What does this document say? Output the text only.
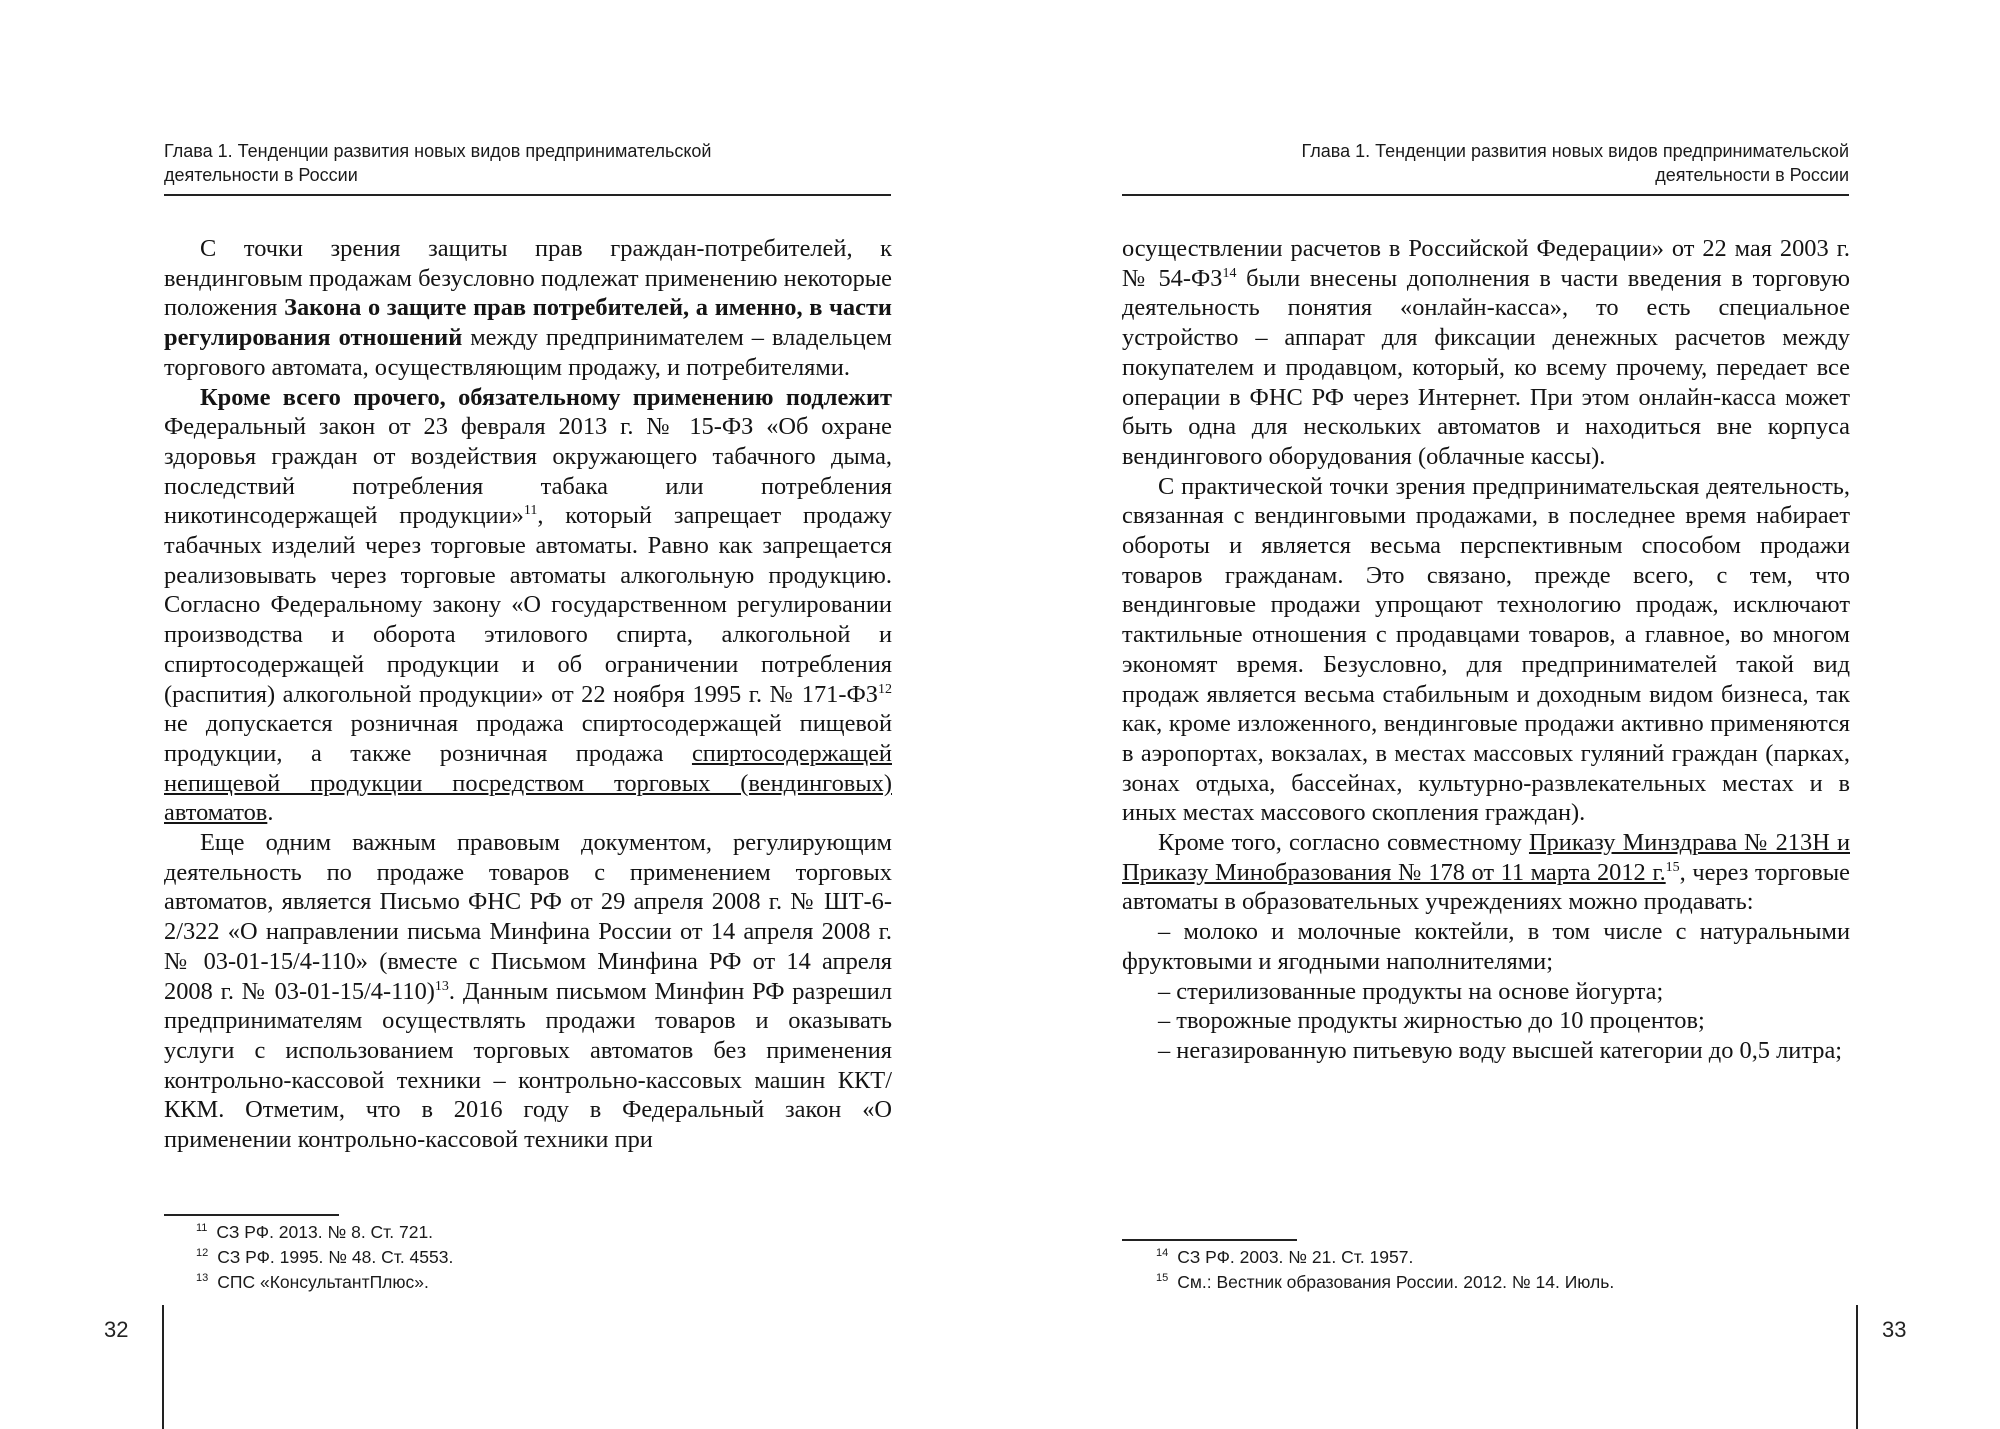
Глава 1. Тенденции развития новых видов предпринимательской
деятельности в России

С точки зрения защиты прав граждан-потребителей, к вендинговым продажам безусловно подлежат применению некоторые положения Закона о защите прав потребителей, а именно, в части регулирования отношений между предпринимателем – владельцем торгового автомата, осуществляющим продажу, и потребителями.

Кроме всего прочего, обязательному применению подлежит Федеральный закон от 23 февраля 2013 г. № 15-ФЗ «Об охране здоровья граждан от воздействия окружающего табачного дыма, последствий потребления табака или потребления никотинсодержащей продукции»$^{11}$, который запрещает продажу табачных изделий через торговые автоматы. Равно как запрещается реализовывать через торговые автоматы алкогольную продукцию. Согласно Федеральному закону «О государственном регулировании производства и оборота этилового спирта, алкогольной и спиртосодержащей продукции и об ограничении потребления (распития) алкогольной продукции» от 22 ноября 1995 г. № 171-ФЗ$^{12}$ не допускается розничная продажа спиртосодержащей пищевой продукции, а также розничная продажа спиртосодержащей непищевой продукции посредством торговых (вендинговых) автоматов.

Еще одним важным правовым документом, регулирующим деятельность по продаже товаров с применением торговых автоматов, является Письмо ФНС РФ от 29 апреля 2008 г. № ШТ-6-2/322 «О направлении письма Минфина России от 14 апреля 2008 г. № 03-01-15/4-110» (вместе с Письмом Минфина РФ от 14 апреля 2008 г. № 03-01-15/4-110)$^{13}$. Данным письмом Минфин РФ разрешил предпринимателям осуществлять продажи товаров и оказывать услуги с использованием торговых автоматов без применения контрольно-кассовой техники – контрольно-кассовых машин ККТ/ККМ. Отметим, что в 2016 году в Федеральный закон «О применении контрольно-кассовой техники при

$^{11}$ СЗ РФ. 2013. № 8. Ст. 721.
$^{12}$ СЗ РФ. 1995. № 48. Ст. 4553.
$^{13}$ СПС «КонсультантПлюс».
32
Глава 1. Тенденции развития новых видов предпринимательской
деятельности в России

осуществлении расчетов в Российской Федерации» от 22 мая 2003 г. № 54-ФЗ$^{14}$ были внесены дополнения в части введения в торговую деятельность понятия «онлайн-касса», то есть специальное устройство – аппарат для фиксации денежных расчетов между покупателем и продавцом, который, ко всему прочему, передает все операции в ФНС РФ через Интернет. При этом онлайн-касса может быть одна для нескольких автоматов и находиться вне корпуса вендингового оборудования (облачные кассы).

С практической точки зрения предпринимательская деятельность, связанная с вендинговыми продажами, в последнее время набирает обороты и является весьма перспективным способом продажи товаров гражданам. Это связано, прежде всего, с тем, что вендинговые продажи упрощают технологию продаж, исключают тактильные отношения с продавцами товаров, а главное, во многом экономят время. Безусловно, для предпринимателей такой вид продаж является весьма стабильным и доходным видом бизнеса, так как, кроме изложенного, вендинговые продажи активно применяются в аэропортах, вокзалах, в местах массовых гуляний граждан (парках, зонах отдыха, бассейнах, культурно-развлекательных местах и в иных местах массового скопления граждан).

Кроме того, согласно совместному Приказу Минздрава № 213Н и Приказу Минобразования № 178 от 11 марта 2012 г.$^{15}$, через торговые автоматы в образовательных учреждениях можно продавать:

– молоко и молочные коктейли, в том числе с натуральными фруктовыми и ягодными наполнителями;

– стерилизованные продукты на основе йогурта;

– творожные продукты жирностью до 10 процентов;

– негазированную питьевую воду высшей категории до 0,5 литра;

$^{14}$ СЗ РФ. 2003. № 21. Ст. 1957.
$^{15}$ См.: Вестник образования России. 2012. № 14. Июль.
33
